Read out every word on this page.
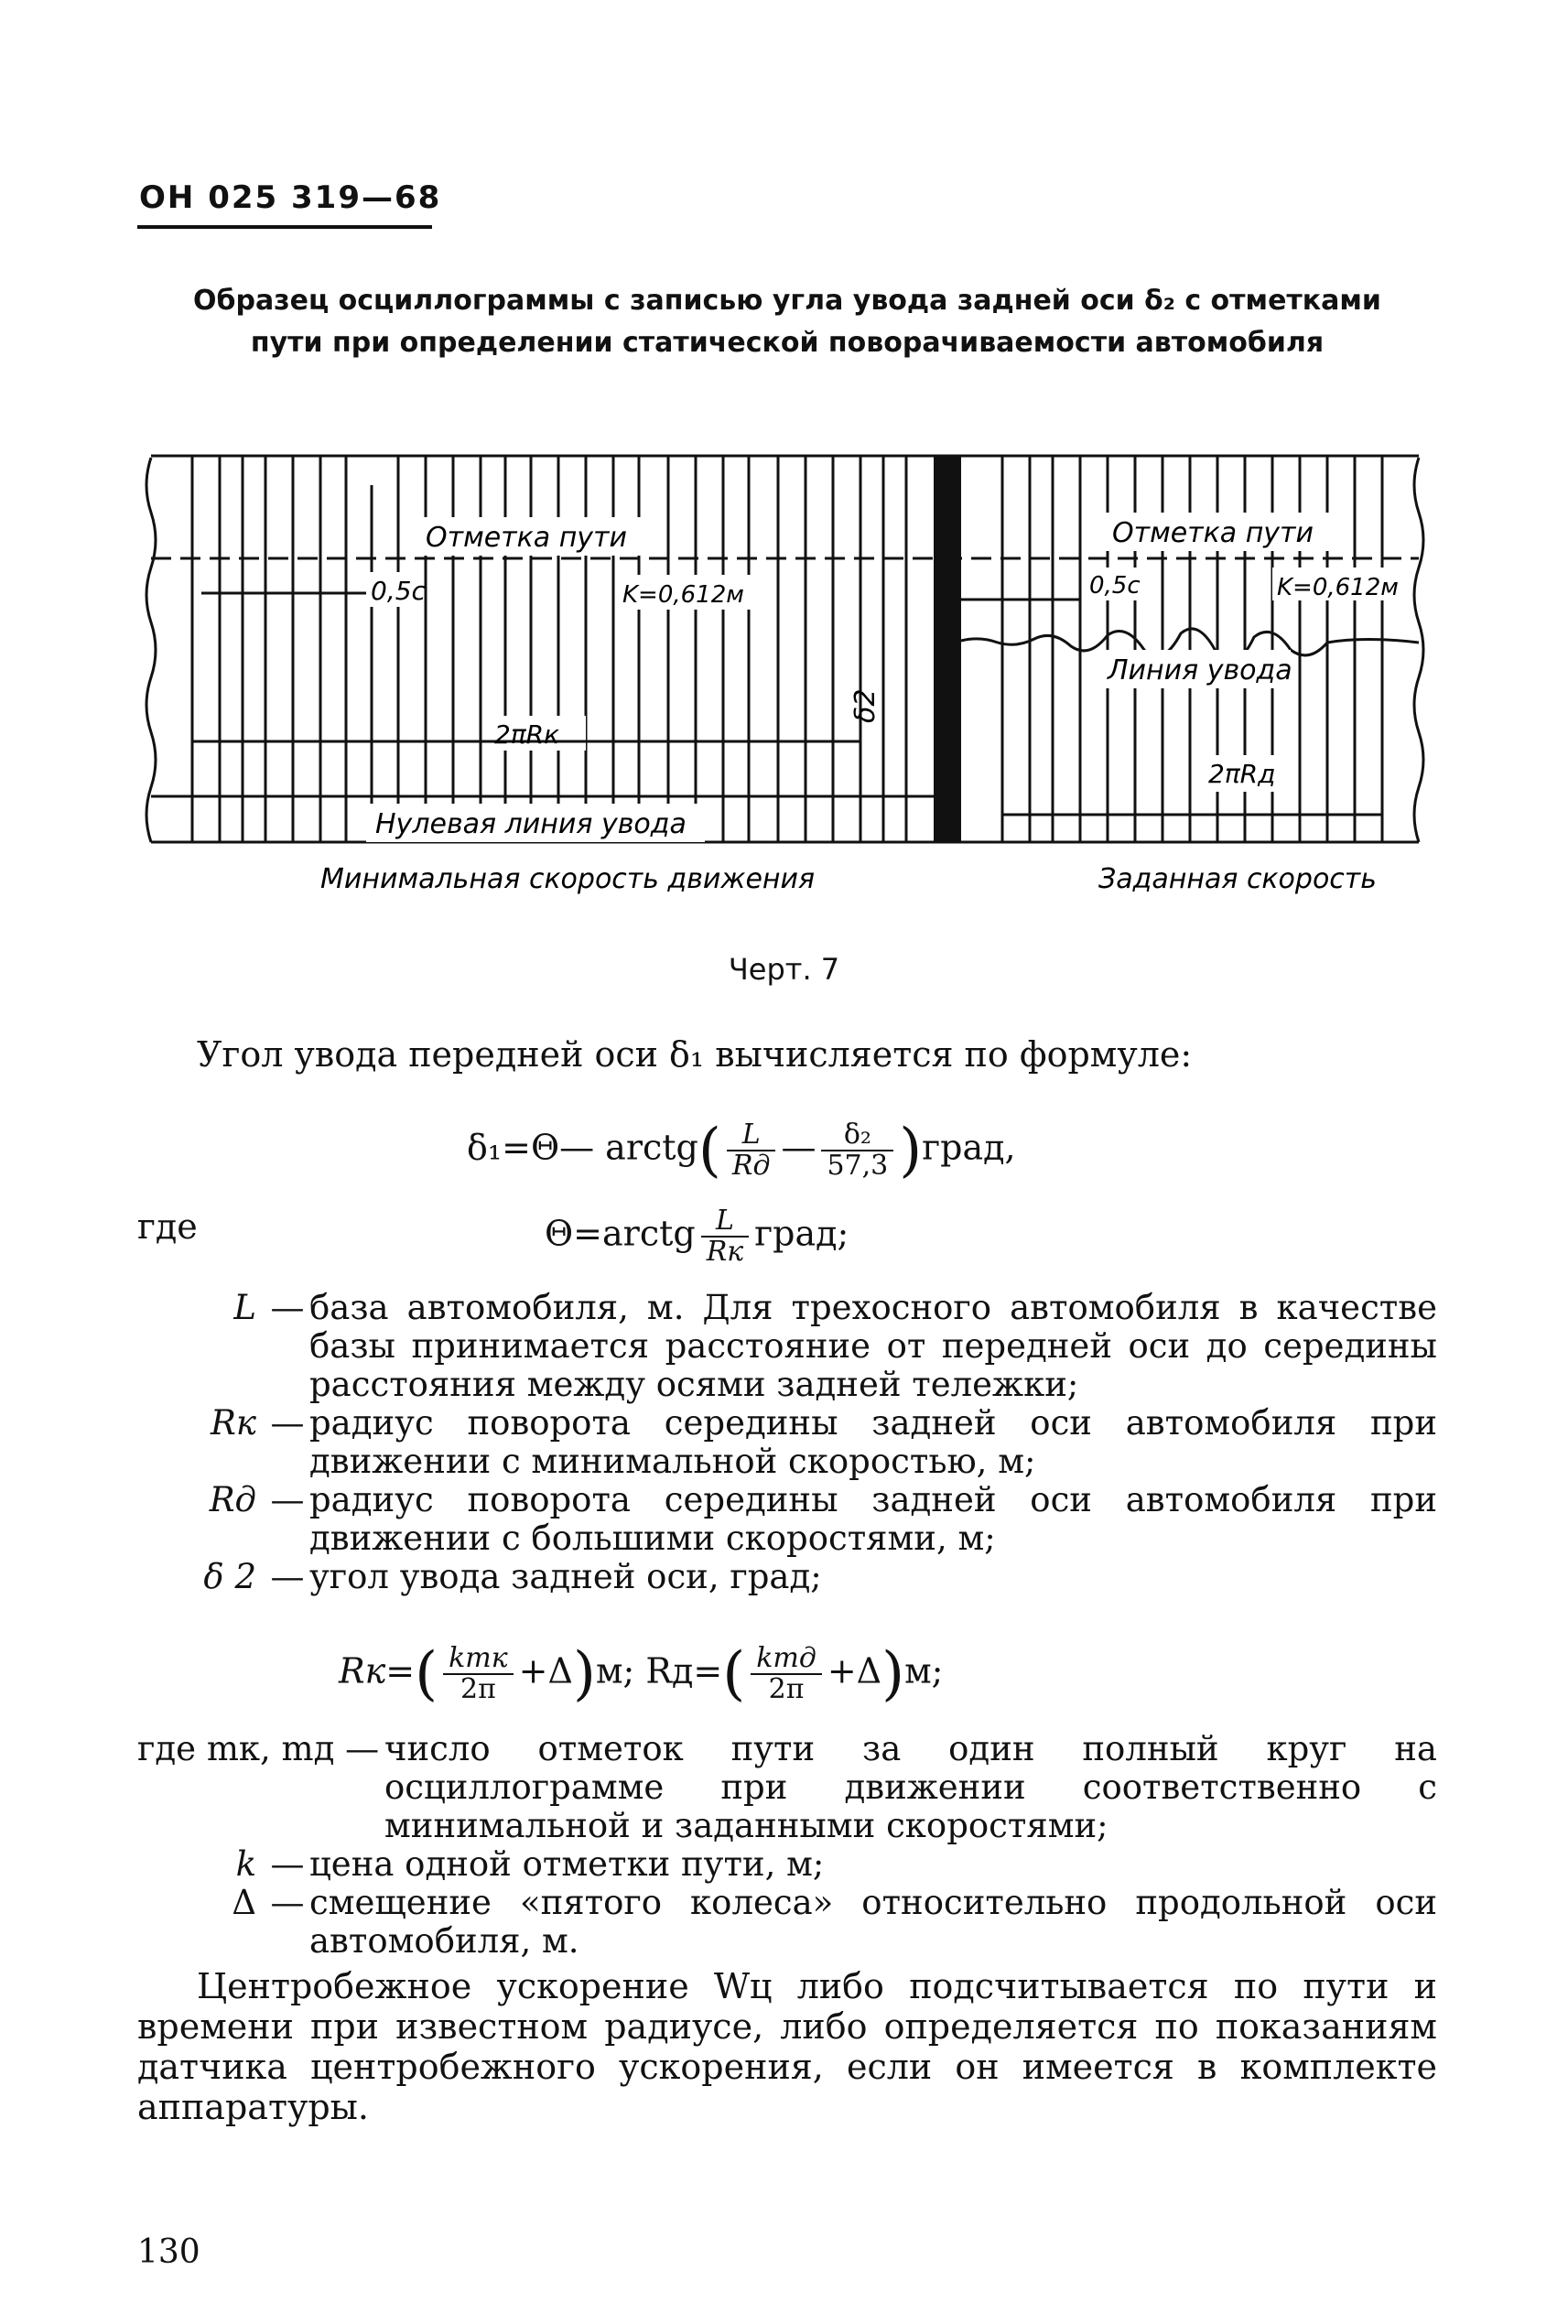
ОН 025 319—68
Образец осциллограммы с записью угла увода задней оси δ₂ с отметками
пути при определении статической поворачиваемости автомобиля
Отметка пути	Отметка пути
0,5с	K=0,612м	0,5с	K=0,612м
2πRк
2πRд
δ2
Линия увода
Нулевая линия увода
Минимальная скорость движения	Заданная скорость
Черт. 7
Угол увода передней оси δ₁ вычисляется по формуле:
δ₁=Θ— arctg( $\frac{L}{Rд}$ — $\frac{\text{δ₂}}{57,3}$ )град,
где	Θ=arctg $\frac{L}{Rк}$ град;
L — база автомобиля, м. Для трехосного автомобиля в качестве базы принимается расстояние от передней оси до середины расстояния между осями задней тележки;
Rк — радиус поворота середины задней оси автомобиля при движении с минимальной скоростью, м;
Rд — радиус поворота середины задней оси автомобиля при движении с большими скоростями, м;
δ 2 — угол увода задней оси, град;
$Rк=( \frac{\text{kmк}}{2\pi} +\Delta)м$; $Rд=( \frac{\text{kmд}}{2\pi} +\Delta)м$;
где mк, mд — число отметок пути за один полный круг на осциллограмме при движении соответственно с минимальной и заданными скоростями;
k — цена одной отметки пути, м;
Δ — смещение «пятого колеса» относительно продольной оси автомобиля, м.
Центробежное ускорение Wц либо подсчитывается по пути и времени при известном радиусе, либо определяется по показаниям датчика центробежного ускорения, если он имеется в комплекте аппаратуры.
130
